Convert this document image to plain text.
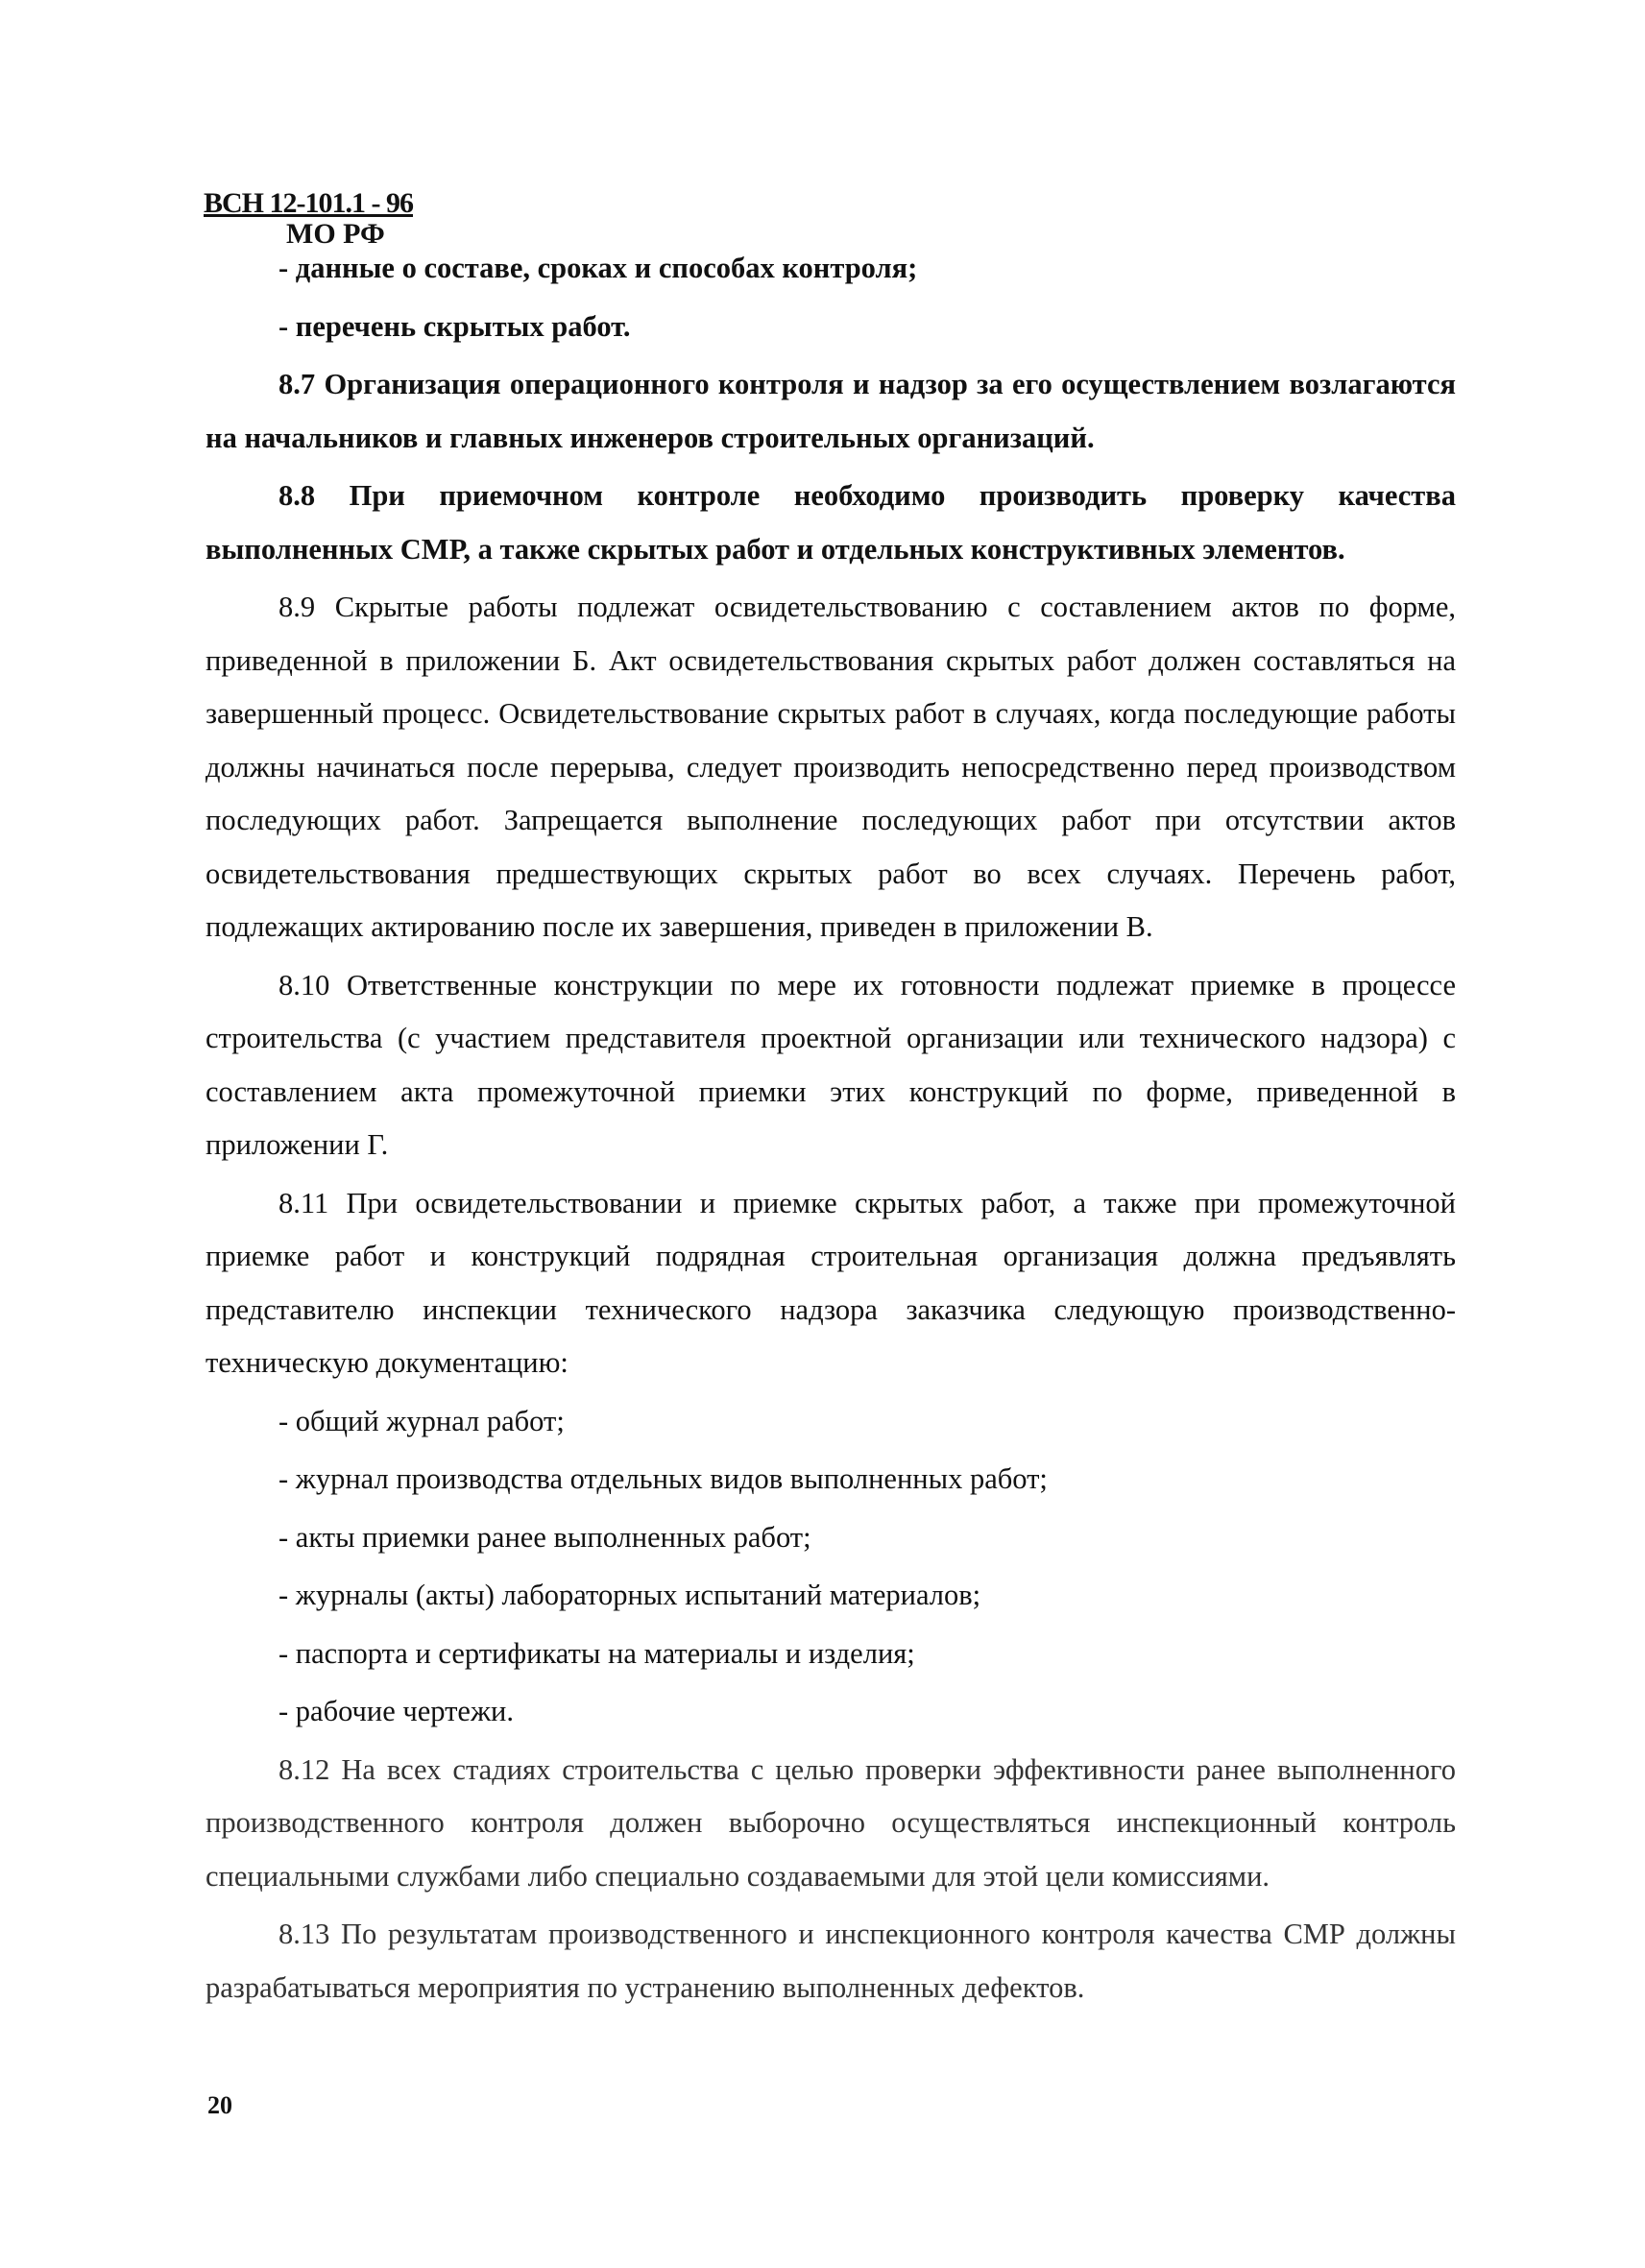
ВСН 12-101.1 - 96
МО РФ

- данные о составе, сроках и способах контроля;

- перечень скрытых работ.

8.7 Организация операционного контроля и надзор за его осуществлением возлагаются на начальников и главных инженеров строительных организаций.

8.8 При приемочном контроле необходимо производить проверку качества выполненных СМР, а также скрытых работ и отдельных конструктивных элементов.

8.9 Скрытые работы подлежат освидетельствованию с составлением актов по форме, приведенной в приложении Б. Акт освидетельствования скрытых работ должен составляться на завершенный процесс. Освидетельствование скрытых работ в случаях, когда последующие работы должны начинаться после перерыва, следует производить непосредственно перед производством последующих работ. Запрещается выполнение последующих работ при отсутствии актов освидетельствования предшествующих скрытых работ во всех случаях. Перечень работ, подлежащих актированию после их завершения, приведен в приложении В.

8.10 Ответственные конструкции по мере их готовности подлежат приемке в процессе строительства (с участием представителя проектной организации или технического надзора) с составлением акта промежуточной приемки этих конструкций по форме, приведенной в приложении Г.

8.11 При освидетельствовании и приемке скрытых работ, а также при промежуточной приемке работ и конструкций подрядная строительная организация должна предъявлять представителю инспекции технического надзора заказчика следующую производственно-техническую документацию:

- общий журнал работ;

- журнал производства отдельных видов выполненных работ;

- акты приемки ранее выполненных работ;

- журналы (акты) лабораторных испытаний материалов;

- паспорта и сертификаты на материалы и изделия;

- рабочие чертежи.

8.12 На всех стадиях строительства с целью проверки эффективности ранее выполненного производственного контроля должен выборочно осуществляться инспекционный контроль специальными службами либо специально создаваемыми для этой цели комиссиями.

8.13 По результатам производственного и инспекционного контроля качества СМР должны разрабатываться мероприятия по устранению выполненных дефектов.

20
